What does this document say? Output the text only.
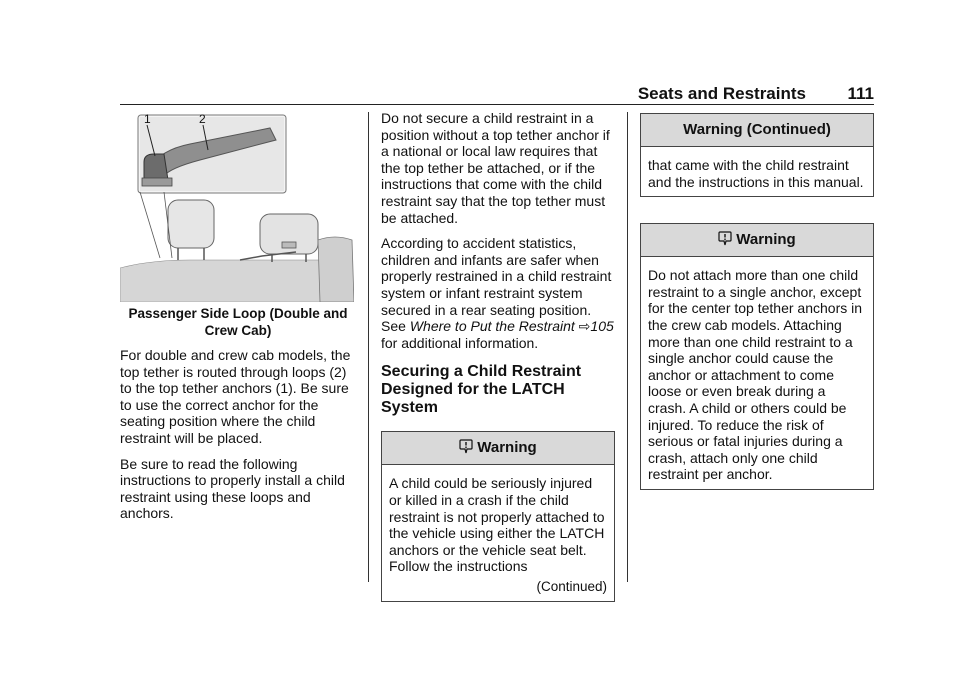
Seats and Restraints 111
1	2
Passenger Side Loop (Double and Crew Cab)

For double and crew cab models, the top tether is routed through loops (2) to the top tether anchors (1). Be sure to use the correct anchor for the seating position where the child restraint will be placed.

Be sure to read the following instructions to properly install a child restraint using these loops and anchors.

Do not secure a child restraint in a position without a top tether anchor if a national or local law requires that the top tether be attached, or if the instructions that come with the child restraint say that the top tether must be attached.

According to accident statistics, children and infants are safer when properly restrained in a child restraint system or infant restraint system secured in a rear seating position. See Where to Put the Restraint ⇨105 for additional information.

Securing a Child Restraint Designed for the LATCH System
Warning
A child could be seriously injured or killed in a crash if the child restraint is not properly attached to the vehicle using either the LATCH anchors or the vehicle seat belt. Follow the instructions
(Continued)
Warning (Continued)
that came with the child restraint and the instructions in this manual.
Warning
Do not attach more than one child restraint to a single anchor, except for the center top tether anchors in the crew cab models. Attaching more than one child restraint to a single anchor could cause the anchor or attachment to come loose or even break during a crash. A child or others could be injured. To reduce the risk of serious or fatal injuries during a crash, attach only one child restraint per anchor.
